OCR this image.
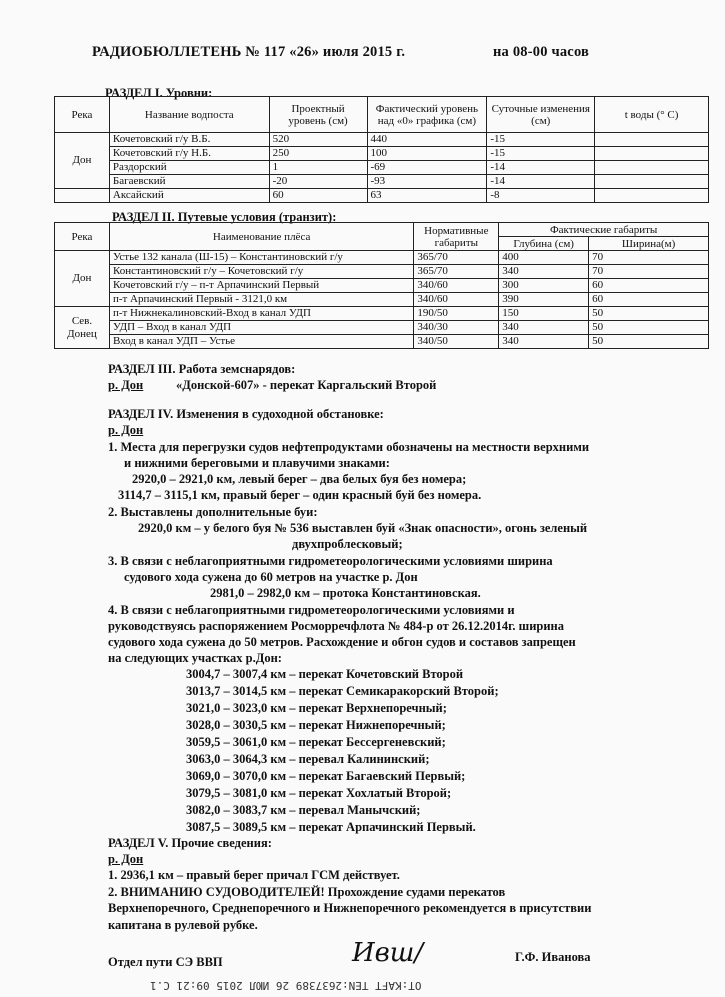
РАДИОБЮЛЛЕТЕНЬ № 117 «26» июля 2015 г.	на 08-00 часов
РАЗДЕЛ I. Уровни:
Река	Название водпоста	Проектный уровень (см)	Фактический уровень над «0» графика (см)	Суточные изменения (см)	t воды (° С)
Дон	Кочетовский г/у В.Б.	520	440	-15	
	Кочетовский г/у Н.Б.	250	100	-15	
	Раздорский	1	-69	-14	
	Багаевский	-20	-93	-14	
	Аксайский	60	63	-8	
РАЗДЕЛ II. Путевые условия (транзит):
Река	Наименование плёса	Нормативные габариты	Фактические габариты	
			Глубина (см)	Ширина(м)
Дон	Устье 132 канала (Ш-15) – Константиновский г/у	365/70	400	70
	Константиновский г/у – Кочетовский г/у	365/70	340	70
	Кочетовский г/у – п-т Арпачинский Первый	340/60	300	60
	п-т Арпачинский Первый - 3121,0 км	340/60	390	60
Сев. Донец	п-т Нижнекалиновский-Вход в канал УДП	190/50	150	50
	УДП – Вход в канал УДП	340/30	340	50
	Вход в канал УДП – Устье	340/50	340	50
РАЗДЕЛ III. Работа земснарядов:
р. Дон	«Донской-607» - перекат Каргальский Второй
РАЗДЕЛ IV. Изменения в судоходной обстановке:
р. Дон
1. Места для перегрузки судов нефтепродуктами обозначены на местности верхними
и нижними береговыми и плавучими знаками:
2920,0 – 2921,0 км, левый берег – два белых буя без номера;
3114,7 – 3115,1 км, правый берег – один красный буй без номера.
2. Выставлены дополнительные буи:
2920,0 км – у белого буя № 536 выставлен буй «Знак опасности», огонь зеленый
двухпроблесковый;
3. В связи с неблагоприятными гидрометеорологическими условиями ширина
судового хода сужена до 60 метров на участке р. Дон
2981,0 – 2982,0 км – протока Константиновская.
4. В связи с неблагоприятными гидрометеорологическими условиями и
руководствуясь распоряжением Росморречфлота № 484-р от 26.12.2014г. ширина
судового хода сужена до 50 метров. Расхождение и обгон судов и составов запрещен
на следующих участках р.Дон:
3004,7 – 3007,4 км – перекат Кочетовский Второй
3013,7 – 3014,5 км – перекат Семикаракорский Второй;
3021,0 – 3023,0 км – перекат Верхнепоречный;
3028,0 – 3030,5 км – перекат Нижнепоречный;
3059,5 – 3061,0 км – перекат Бессергеневский;
3063,0 – 3064,3 км – перевал Калининский;
3069,0 – 3070,0 км – перекат Багаевский Первый;
3079,5 – 3081,0 км – перекат Хохлатый Второй;
3082,0 – 3083,7 км – перевал Манычский;
3087,5 – 3089,5 км – перекат Арпачинский Первый.
РАЗДЕЛ V. Прочие сведения:
р. Дон
1. 2936,1 км – правый берег причал ГСМ действует.
2. ВНИМАНИЮ СУДОВОДИТЕЛЕЙ! Прохождение судами перекатов
Верхнепоречного, Среднепоречного и Нижнепоречного рекомендуется в присутствии
капитана в рулевой рубке.
Отдел пути СЭ ВВП	Ивш/	Г.Ф. Иванова
OT:KAFT TEN:2637389 26 ИЮЛ 2015 09:21 С.1
